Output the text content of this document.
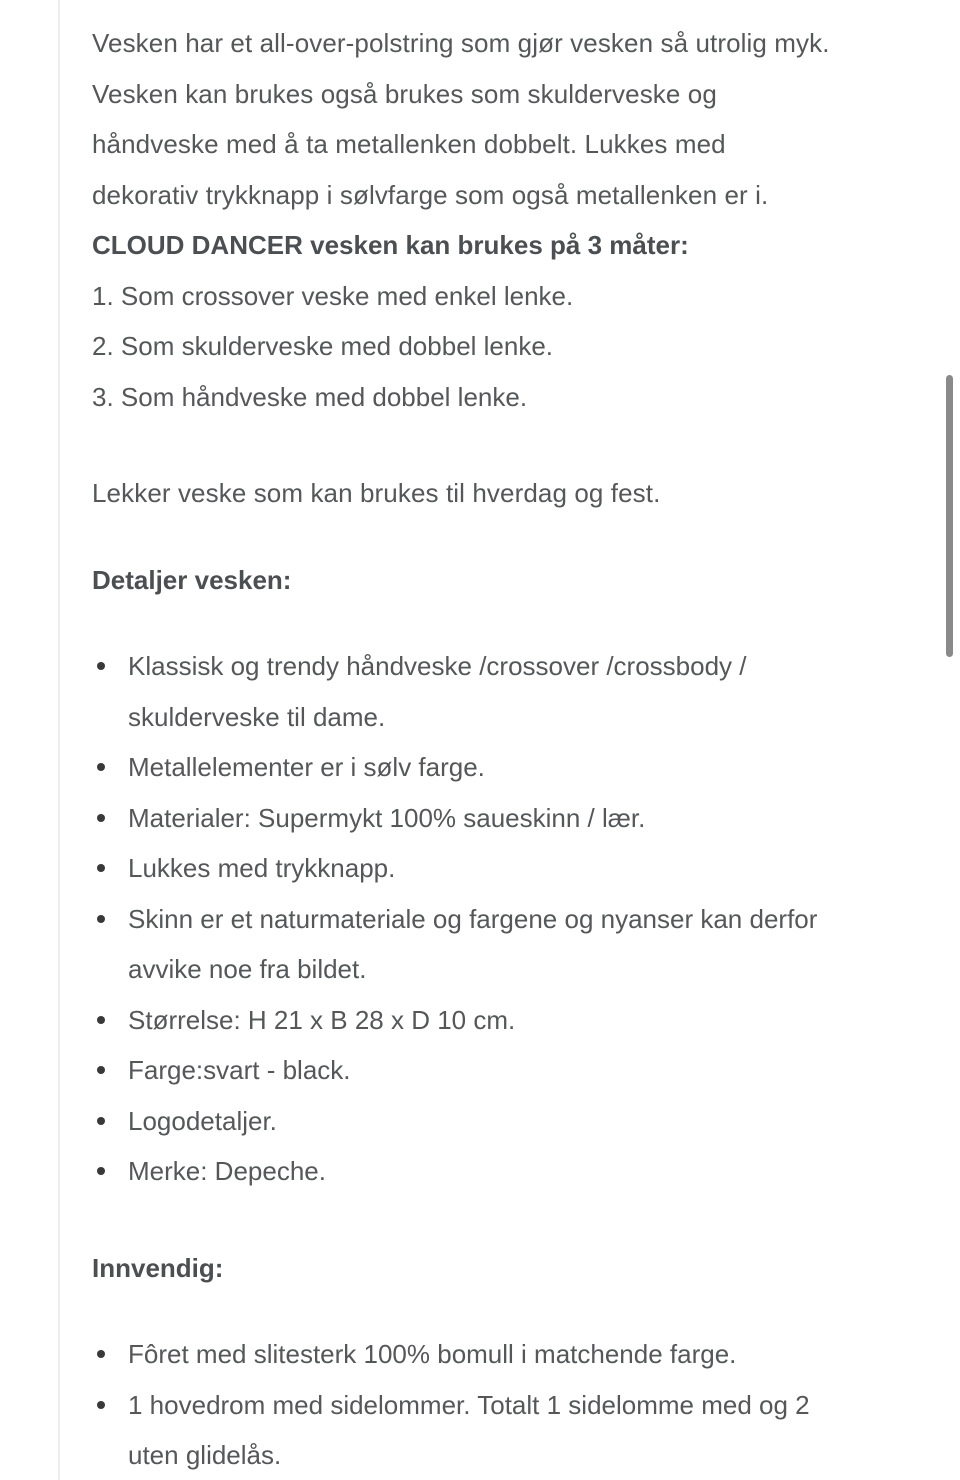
Vesken har et all-over-polstring som gjør vesken så utrolig myk. Vesken kan brukes også brukes som skulderveske og håndveske med å ta metallenken dobbelt. Lukkes med dekorativ trykknapp i sølvfarge som også metallenken er i.

CLOUD DANCER vesken kan brukes på 3 måter:

1. Som crossover veske med enkel lenke.
2. Som skulderveske med dobbel lenke.
3. Som håndveske med dobbel lenke.

Lekker veske som kan brukes til hverdag og fest.

Detaljer vesken:

Klassisk og trendy håndveske /crossover /crossbody / skulderveske til dame.
Metallelementer er i sølv farge.
Materialer: Supermykt 100% saueskinn / lær.
Lukkes med trykknapp.
Skinn er et naturmateriale og fargene og nyanser kan derfor avvike noe fra bildet.
Størrelse: H 21 x B 28 x D 10 cm.
Farge:svart - black.
Logodetaljer.
Merke: Depeche.

Innvendig:

Fôret med slitesterk 100% bomull i matchende farge.
1 hovedrom med sidelommer. Totalt 1 sidelomme med og 2 uten glidelås.
